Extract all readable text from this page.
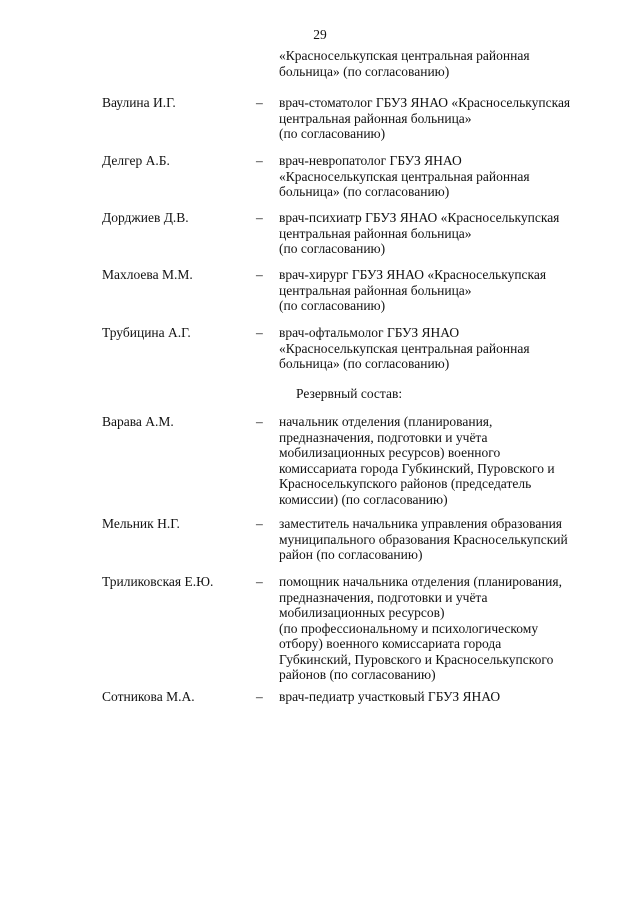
29
«Красноселькупская центральная районная
больница» (по согласованию)
Ваулина И.Г.	– врач-стоматолог ГБУЗ ЯНАО «Красноселькупская
центральная районная больница»
(по согласованию)
Делгер А.Б.	– врач-невропатолог ГБУЗ ЯНАО
«Красноселькупская центральная районная
больница» (по согласованию)
Дорджиев Д.В.	– врач-психиатр ГБУЗ ЯНАО «Красноселькупская
центральная районная больница»
(по согласованию)
Махлоева М.М.	– врач-хирург ГБУЗ ЯНАО «Красноселькупская
центральная районная больница»
(по согласованию)
Трубицина А.Г.	– врач-офтальмолог ГБУЗ ЯНАО
«Красноселькупская центральная районная
больница» (по согласованию)
Резервный состав:
Варава А.М.	– начальник отделения (планирования,
предназначения, подготовки и учёта
мобилизационных ресурсов) военного
комиссариата города Губкинский, Пуровского и
Красноселькупского районов (председатель
комиссии) (по согласованию)
Мельник Н.Г.	– заместитель начальника управления образования
муниципального образования Красноселькупский
район (по согласованию)
Триликовская Е.Ю.	– помощник начальника отделения (планирования,
предназначения, подготовки и учёта
мобилизационных ресурсов)
(по профессиональному и психологическому
отбору) военного комиссариата города
Губкинский, Пуровского и Красноселькупского
районов (по согласованию)
Сотникова М.А.	– врач-педиатр участковый ГБУЗ ЯНАО
